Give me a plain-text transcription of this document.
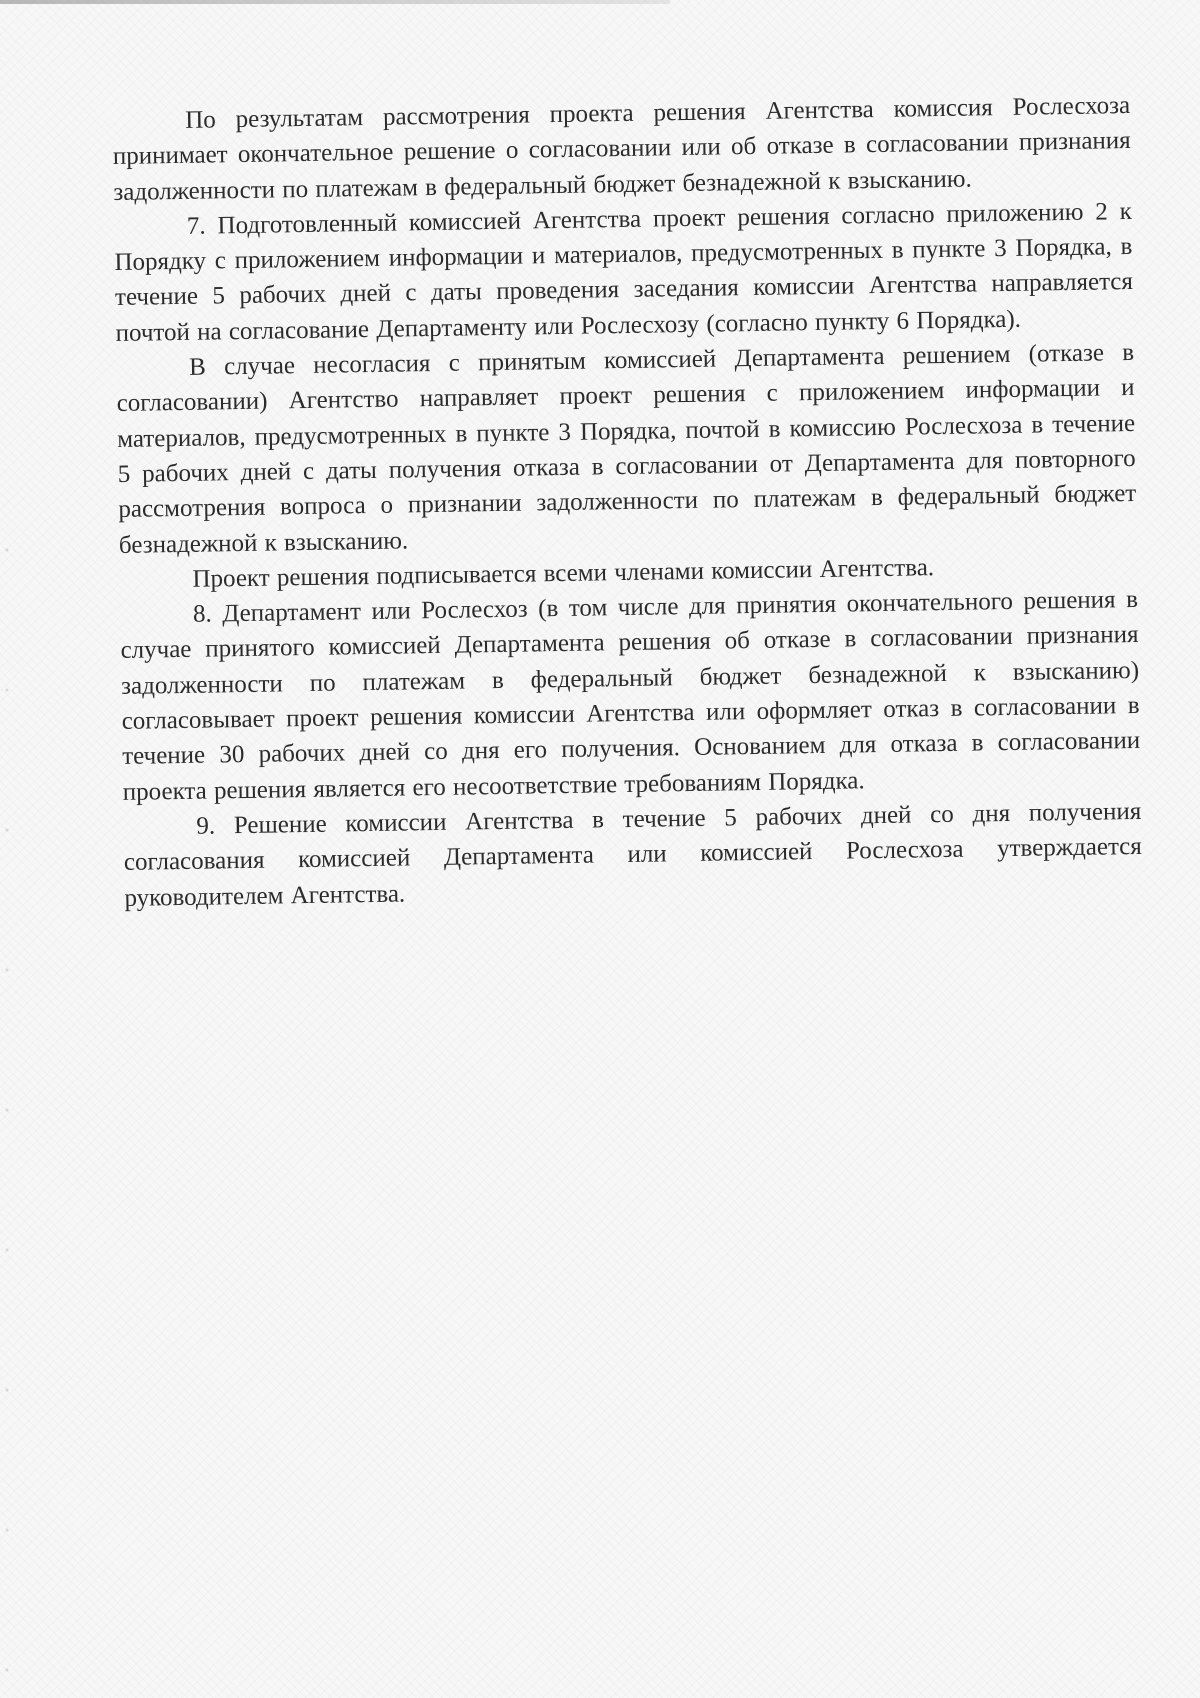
По результатам рассмотрения проекта решения Агентства комиссия Рослесхоза принимает окончательное решение о согласовании или об отказе в согласовании признания задолженности по платежам в федеральный бюджет безнадежной к взысканию.

7. Подготовленный комиссией Агентства проект решения согласно приложению 2 к Порядку с приложением информации и материалов, предусмотренных в пункте 3 Порядка, в течение 5 рабочих дней с даты проведения заседания комиссии Агентства направляется почтой на согласование Департаменту или Рослесхозу (согласно пункту 6 Порядка).

В случае несогласия с принятым комиссией Департамента решением (отказе в согласовании) Агентство направляет проект решения с приложением информации и материалов, предусмотренных в пункте 3 Порядка, почтой в комиссию Рослесхоза в течение 5 рабочих дней с даты получения отказа в согласовании от Департамента для повторного рассмотрения вопроса о признании задолженности по платежам в федеральный бюджет безнадежной к взысканию.

Проект решения подписывается всеми членами комиссии Агентства.

8. Департамент или Рослесхоз (в том числе для принятия окончательного решения в случае принятого комиссией Департамента решения об отказе в согласовании признания задолженности по платежам в федеральный бюджет безнадежной к взысканию) согласовывает проект решения комиссии Агентства или оформляет отказ в согласовании в течение 30 рабочих дней со дня его получения. Основанием для отказа в согласовании проекта решения является его несоответствие требованиям Порядка.

9. Решение комиссии Агентства в течение 5 рабочих дней со дня получения согласования комиссией Департамента или комиссией Рослесхоза утверждается руководителем Агентства.
